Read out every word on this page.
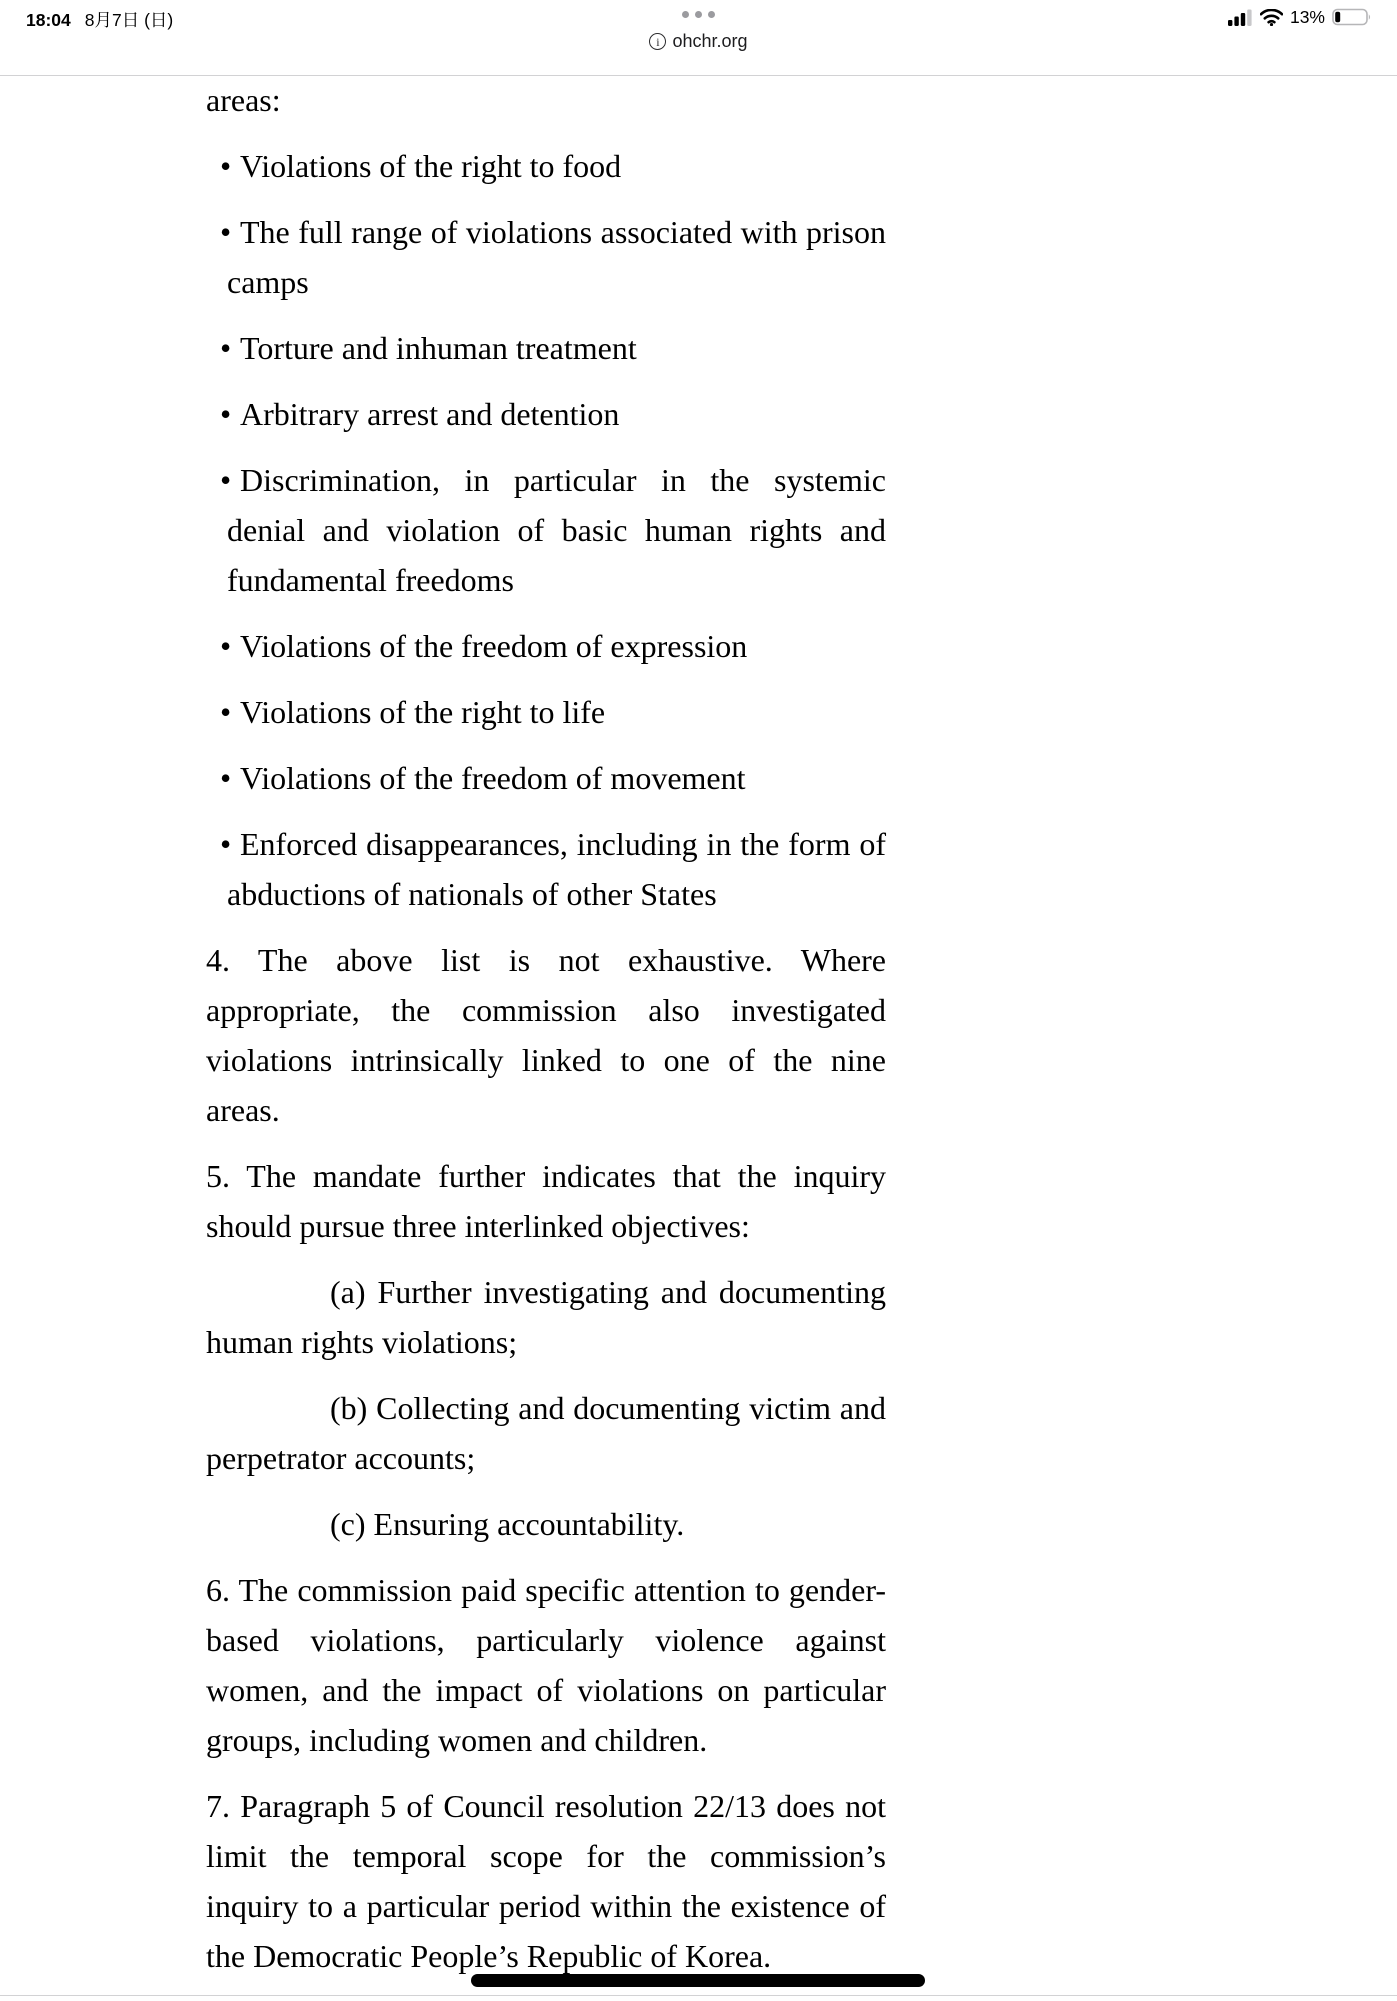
18:04 8月7日 (日)
i ohchr.org
13%

areas:

• Violations of the right to food
• The full range of violations associated with prison camps
• Torture and inhuman treatment
• Arbitrary arrest and detention
• Discrimination, in particular in the systemic denial and violation of basic human rights and fundamental freedoms
• Violations of the freedom of expression
• Violations of the right to life
• Violations of the freedom of movement
• Enforced disappearances, including in the form of abductions of nationals of other States

4. The above list is not exhaustive. Where appropriate, the commission also investigated violations intrinsically linked to one of the nine areas.

5. The mandate further indicates that the inquiry should pursue three interlinked objectives:

(a) Further investigating and documenting human rights violations;

(b) Collecting and documenting victim and perpetrator accounts;

(c) Ensuring accountability.

6. The commission paid specific attention to gender-based violations, particularly violence against women, and the impact of violations on particular groups, including women and children.

7. Paragraph 5 of Council resolution 22/13 does not limit the temporal scope for the commission’s inquiry to a particular period within the existence of the Democratic People’s Republic of Korea.
